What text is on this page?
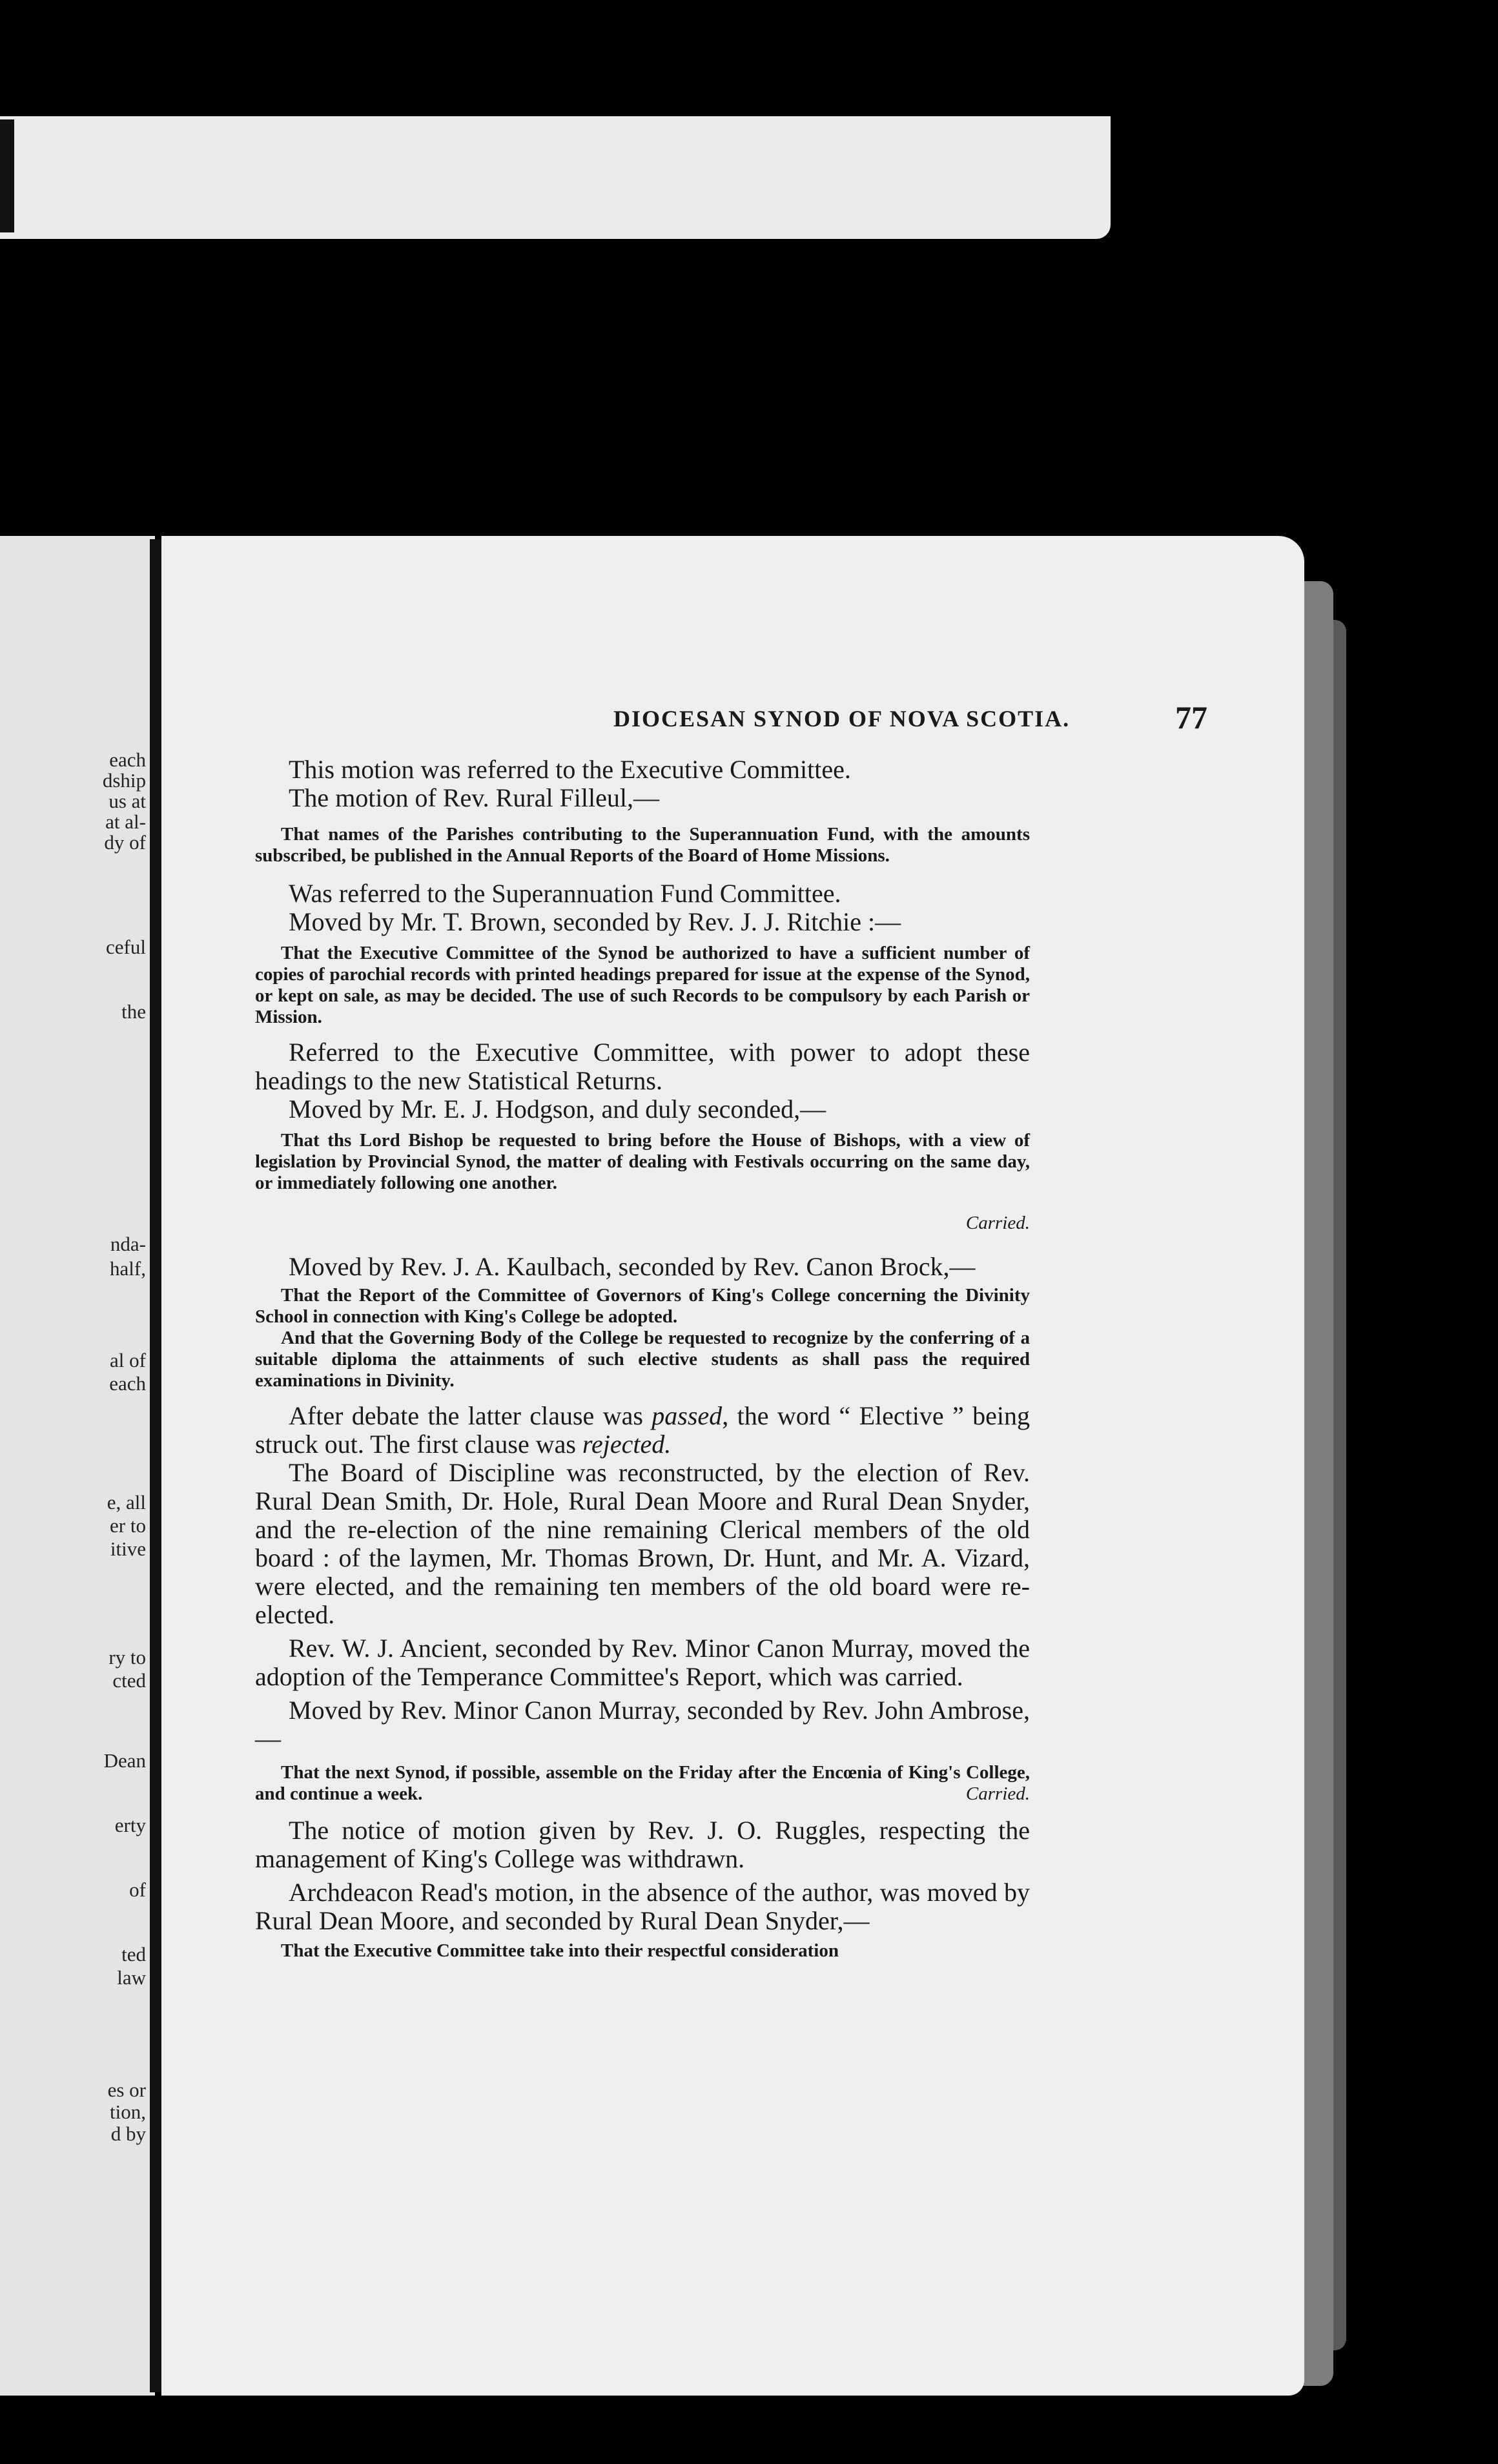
each
dship
us at
at al-
dy of
ceful
the
nda-
half,
al of
each
e, all
er to
itive
ry to
cted
Dean
erty
of
ted
law
es or
tion,
d by
DIOCESAN SYNOD OF NOVA SCOTIA.	77

This motion was referred to the Executive Committee.

The motion of Rev. Rural Filleul,—

That names of the Parishes contributing to the Superannuation Fund, with the amounts subscribed, be published in the Annual Reports of the Board of Home Missions.

Was referred to the Superannuation Fund Committee.

Moved by Mr. T. Brown, seconded by Rev. J. J. Ritchie :—

That the Executive Committee of the Synod be authorized to have a sufficient number of copies of parochial records with printed headings prepared for issue at the expense of the Synod, or kept on sale, as may be decided. The use of such Records to be compulsory by each Parish or Mission.

Referred to the Executive Committee, with power to adopt these headings to the new Statistical Returns.

Moved by Mr. E. J. Hodgson, and duly seconded,—

That ths Lord Bishop be requested to bring before the House of Bishops, with a view of legislation by Provincial Synod, the matter of dealing with Festivals occurring on the same day, or immediately following one another.

Carried.

Moved by Rev. J. A. Kaulbach, seconded by Rev. Canon Brock,—

That the Report of the Committee of Governors of King's College concerning the Divinity School in connection with King's College be adopted.

And that the Governing Body of the College be requested to recognize by the conferring of a suitable diploma the attainments of such elective students as shall pass the required examinations in Divinity.

After debate the latter clause was passed, the word “ Elective ” being struck out. The first clause was rejected.

The Board of Discipline was reconstructed, by the election of Rev. Rural Dean Smith, Dr. Hole, Rural Dean Moore and Rural Dean Snyder, and the re-election of the nine remaining Clerical members of the old board : of the laymen, Mr. Thomas Brown, Dr. Hunt, and Mr. A. Vizard, were elected, and the remaining ten members of the old board were re-elected.

Rev. W. J. Ancient, seconded by Rev. Minor Canon Murray, moved the adoption of the Temperance Committee's Report, which was carried.

Moved by Rev. Minor Canon Murray, seconded by Rev. John Ambrose,—

That the next Synod, if possible, assemble on the Friday after the Encœnia of King's College, and continue a week.	Carried.

The notice of motion given by Rev. J. O. Ruggles, respecting the management of King's College was withdrawn.

Archdeacon Read's motion, in the absence of the author, was moved by Rural Dean Moore, and seconded by Rural Dean Snyder,—

That the Executive Committee take into their respectful consideration
